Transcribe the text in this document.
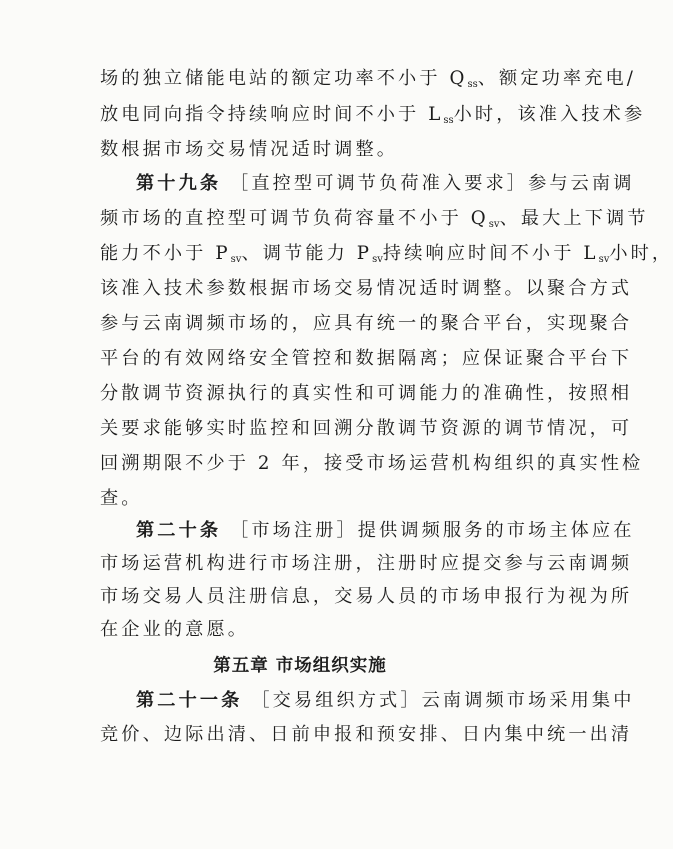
场的独立储能电站的额定功率不小于 $Q_{ss}$、额定功率充电/
放电同向指令持续响应时间不小于 $L_{ss}$小时，该准入技术参
数根据市场交易情况适时调整。
第十九条 ［直控型可调节负荷准入要求］参与云南调
频市场的直控型可调节负荷容量不小于 $Q_{sv}$、最大上下调节
能力不小于 $P_{sv}$、调节能力 $P_{sv}$持续响应时间不小于 $L_{sv}$小时，
该准入技术参数根据市场交易情况适时调整。以聚合方式
参与云南调频市场的，应具有统一的聚合平台，实现聚合
平台的有效网络安全管控和数据隔离；应保证聚合平台下
分散调节资源执行的真实性和可调能力的准确性，按照相
关要求能够实时监控和回溯分散调节资源的调节情况，可
回溯期限不少于 2 年，接受市场运营机构组织的真实性检
查。
第二十条 ［市场注册］提供调频服务的市场主体应在
市场运营机构进行市场注册，注册时应提交参与云南调频
市场交易人员注册信息，交易人员的市场申报行为视为所
在企业的意愿。
第五章 市场组织实施
第二十一条 ［交易组织方式］云南调频市场采用集中
竞价、边际出清、日前申报和预安排、日内集中统一出清
